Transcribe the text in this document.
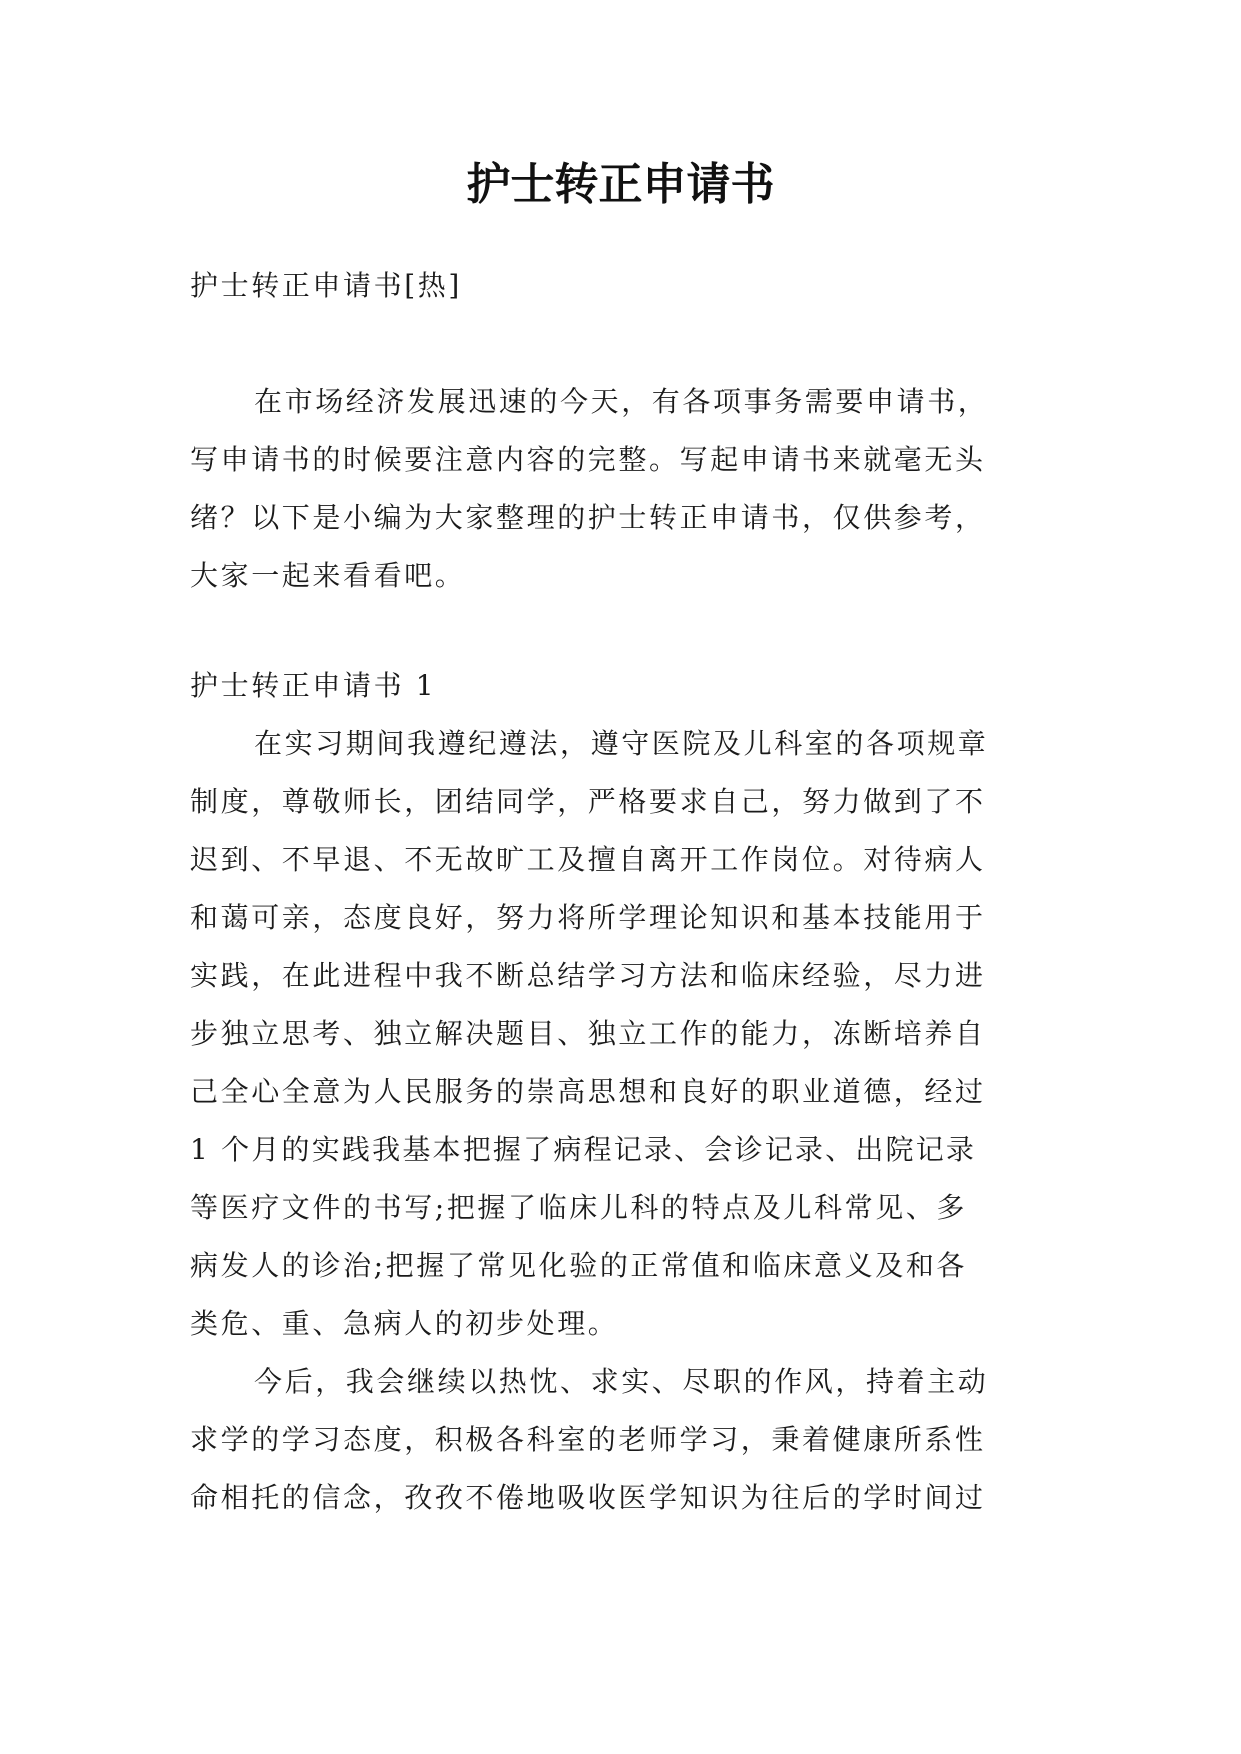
护士转正申请书

护士转正申请书[热]

在市场经济发展迅速的今天，有各项事务需要申请书，

写申请书的时候要注意内容的完整。写起申请书来就毫无头

绪？以下是小编为大家整理的护士转正申请书，仅供参考，

大家一起来看看吧。

护士转正申请书 1

在实习期间我遵纪遵法，遵守医院及儿科室的各项规章

制度，尊敬师长，团结同学，严格要求自己，努力做到了不

迟到、不早退、不无故旷工及擅自离开工作岗位。对待病人

和蔼可亲，态度良好，努力将所学理论知识和基本技能用于

实践，在此进程中我不断总结学习方法和临床经验，尽力进

步独立思考、独立解决题目、独立工作的能力，冻断培养自

己全心全意为人民服务的崇高思想和良好的职业道德，经过

1 个月的实践我基本把握了病程记录、会诊记录、出院记录

等医疗文件的书写;把握了临床儿科的特点及儿科常见、多

病发人的诊治;把握了常见化验的正常值和临床意义及和各

类危、重、急病人的初步处理。

今后，我会继续以热忱、求实、尽职的作风，持着主动

求学的学习态度，积极各科室的老师学习，秉着健康所系性

命相托的信念，孜孜不倦地吸收医学知识为往后的学时间过
